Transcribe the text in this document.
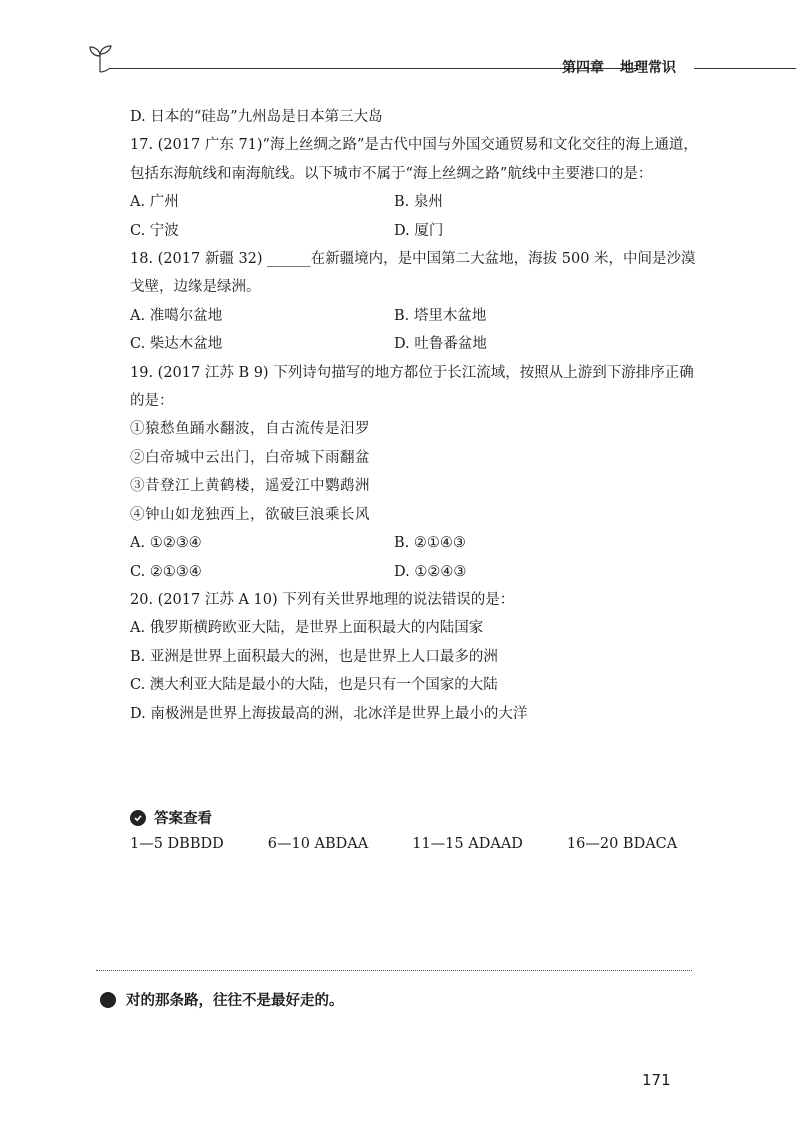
第四章 地理常识

D. 日本的“硅岛”九州岛是日本第三大岛

17. (2017 广东 71)“海上丝绸之路”是古代中国与外国交通贸易和文化交往的海上通道，包括东海航线和南海航线。以下城市不属于“海上丝绸之路”航线中主要港口的是：

A. 广州	B. 泉州
C. 宁波	D. 厦门

18. (2017 新疆 32) ______在新疆境内，是中国第二大盆地，海拔 500 米，中间是沙漠戈壁，边缘是绿洲。

A. 准噶尔盆地	B. 塔里木盆地
C. 柴达木盆地	D. 吐鲁番盆地

19. (2017 江苏 B 9) 下列诗句描写的地方都位于长江流域，按照从上游到下游排序正确的是：

①猿愁鱼踊水翻波，自古流传是汨罗

②白帝城中云出门，白帝城下雨翻盆

③昔登江上黄鹤楼，遥爱江中鹦鹉洲

④钟山如龙独西上，欲破巨浪乘长风

A. ①②③④	B. ②①④③
C. ②①③④	D. ①②④③

20. (2017 江苏 A 10) 下列有关世界地理的说法错误的是：

A. 俄罗斯横跨欧亚大陆，是世界上面积最大的内陆国家

B. 亚洲是世界上面积最大的洲，也是世界上人口最多的洲

C. 澳大利亚大陆是最小的大陆，也是只有一个国家的大陆

D. 南极洲是世界上海拔最高的洲，北冰洋是世界上最小的大洋

答案查看
1—5 DBBDD	6—10 ABDAA	11—15 ADAAD	16—20 BDACA
对的那条路，往往不是最好走的。
171
